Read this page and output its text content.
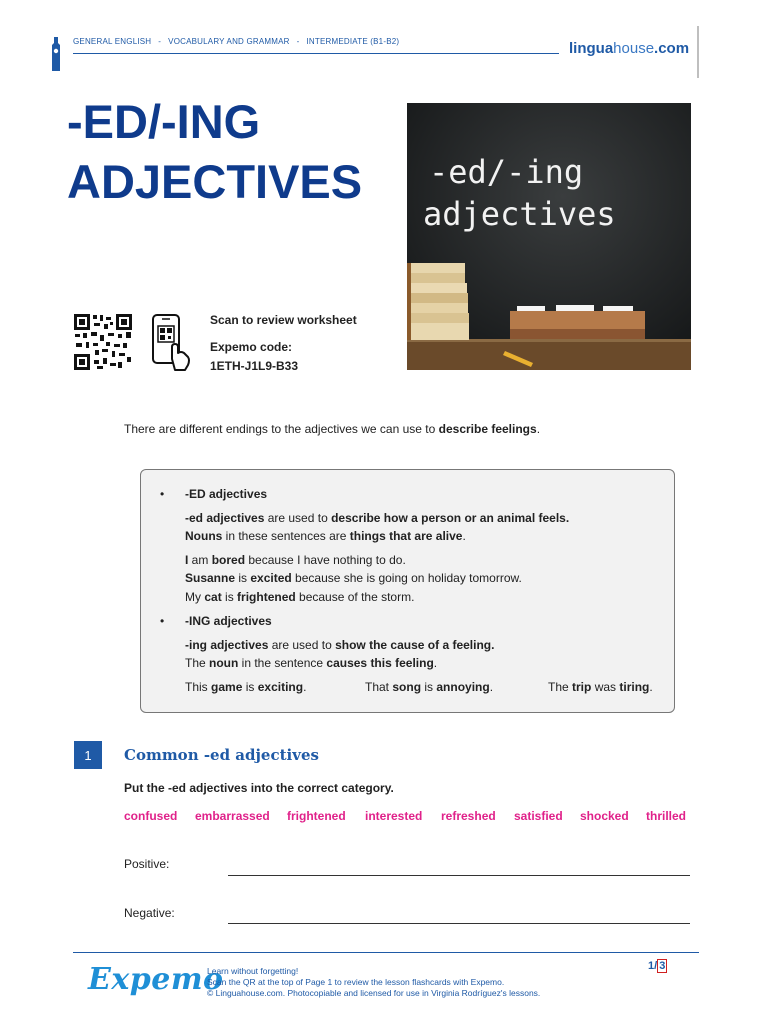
GENERAL ENGLISH - VOCABULARY AND GRAMMAR - INTERMEDIATE (B1-B2)	linguahouse.com
-ED/-ING
ADJECTIVES -ed/-ing
adjectives
Scan to review worksheet
Expemo code:
1ETH-J1L9-B33
There are different endings to the adjectives we can use to describe feelings.
• -ED adjectives
-ed adjectives are used to describe how a person or an animal feels.
Nouns in these sentences are things that are alive.
I am bored because I have nothing to do.
Susanne is excited because she is going on holiday tomorrow.
My cat is frightened because of the storm.
• -ING adjectives
-ing adjectives are used to show the cause of a feeling.
The noun in the sentence causes this feeling.
This game is exciting.	That song is annoying.	The trip was tiring.
1	Common -ed adjectives
Put the -ed adjectives into the correct category.
confused embarrassed frightened interested refreshed satisfied shocked thrilled
Positive:
Negative:
Expemo
Learn without forgetting!
Scan the QR at the top of Page 1 to review the lesson flashcards with Expemo.
© Linguahouse.com. Photocopiable and licensed for use in Virginia Rodríguez's lessons.
1/ 3
